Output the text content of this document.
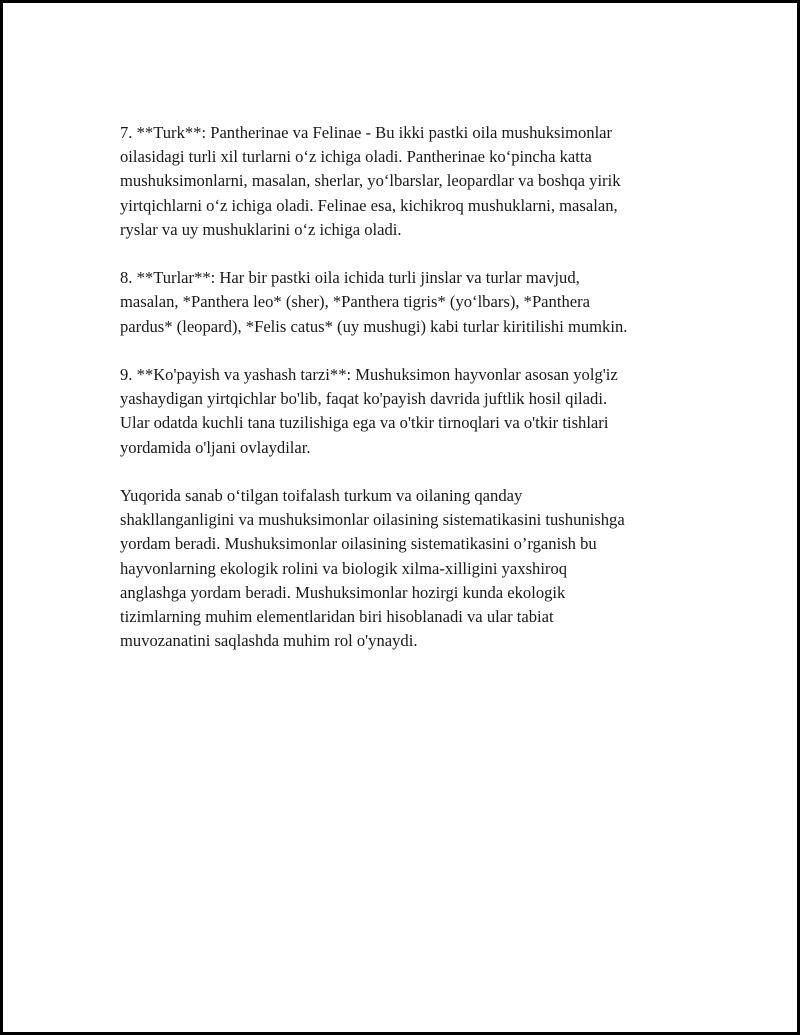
7. **Turk**: Pantherinae va Felinae - Bu ikki pastki oila mushuksimonlar
oilasidagi turli xil turlarni o‘z ichiga oladi. Pantherinae ko‘pincha katta
mushuksimonlarni, masalan, sherlar, yo‘lbarslar, leopardlar va boshqa yirik
yirtqichlarni o‘z ichiga oladi. Felinae esa, kichikroq mushuklarni, masalan,
ryslar va uy mushuklarini o‘z ichiga oladi.

8. **Turlar**: Har bir pastki oila ichida turli jinslar va turlar mavjud,
masalan, *Panthera leo* (sher), *Panthera tigris* (yo‘lbars), *Panthera
pardus* (leopard), *Felis catus* (uy mushugi) kabi turlar kiritilishi mumkin.

9. **Ko'payish va yashash tarzi**: Mushuksimon hayvonlar asosan yolg'iz
yashaydigan yirtqichlar bo'lib, faqat ko'payish davrida juftlik hosil qiladi.
Ular odatda kuchli tana tuzilishiga ega va o'tkir tirnoqlari va o'tkir tishlari
yordamida o'ljani ovlaydilar.

Yuqorida sanab o‘tilgan toifalash turkum va oilaning qanday
shakllanganligini va mushuksimonlar oilasining sistematikasini tushunishga
yordam beradi. Mushuksimonlar oilasining sistematikasini o’rganish bu
hayvonlarning ekologik rolini va biologik xilma-xilligini yaxshiroq
anglashga yordam beradi. Mushuksimonlar hozirgi kunda ekologik
tizimlarning muhim elementlaridan biri hisoblanadi va ular tabiat
muvozanatini saqlashda muhim rol o'ynaydi.
